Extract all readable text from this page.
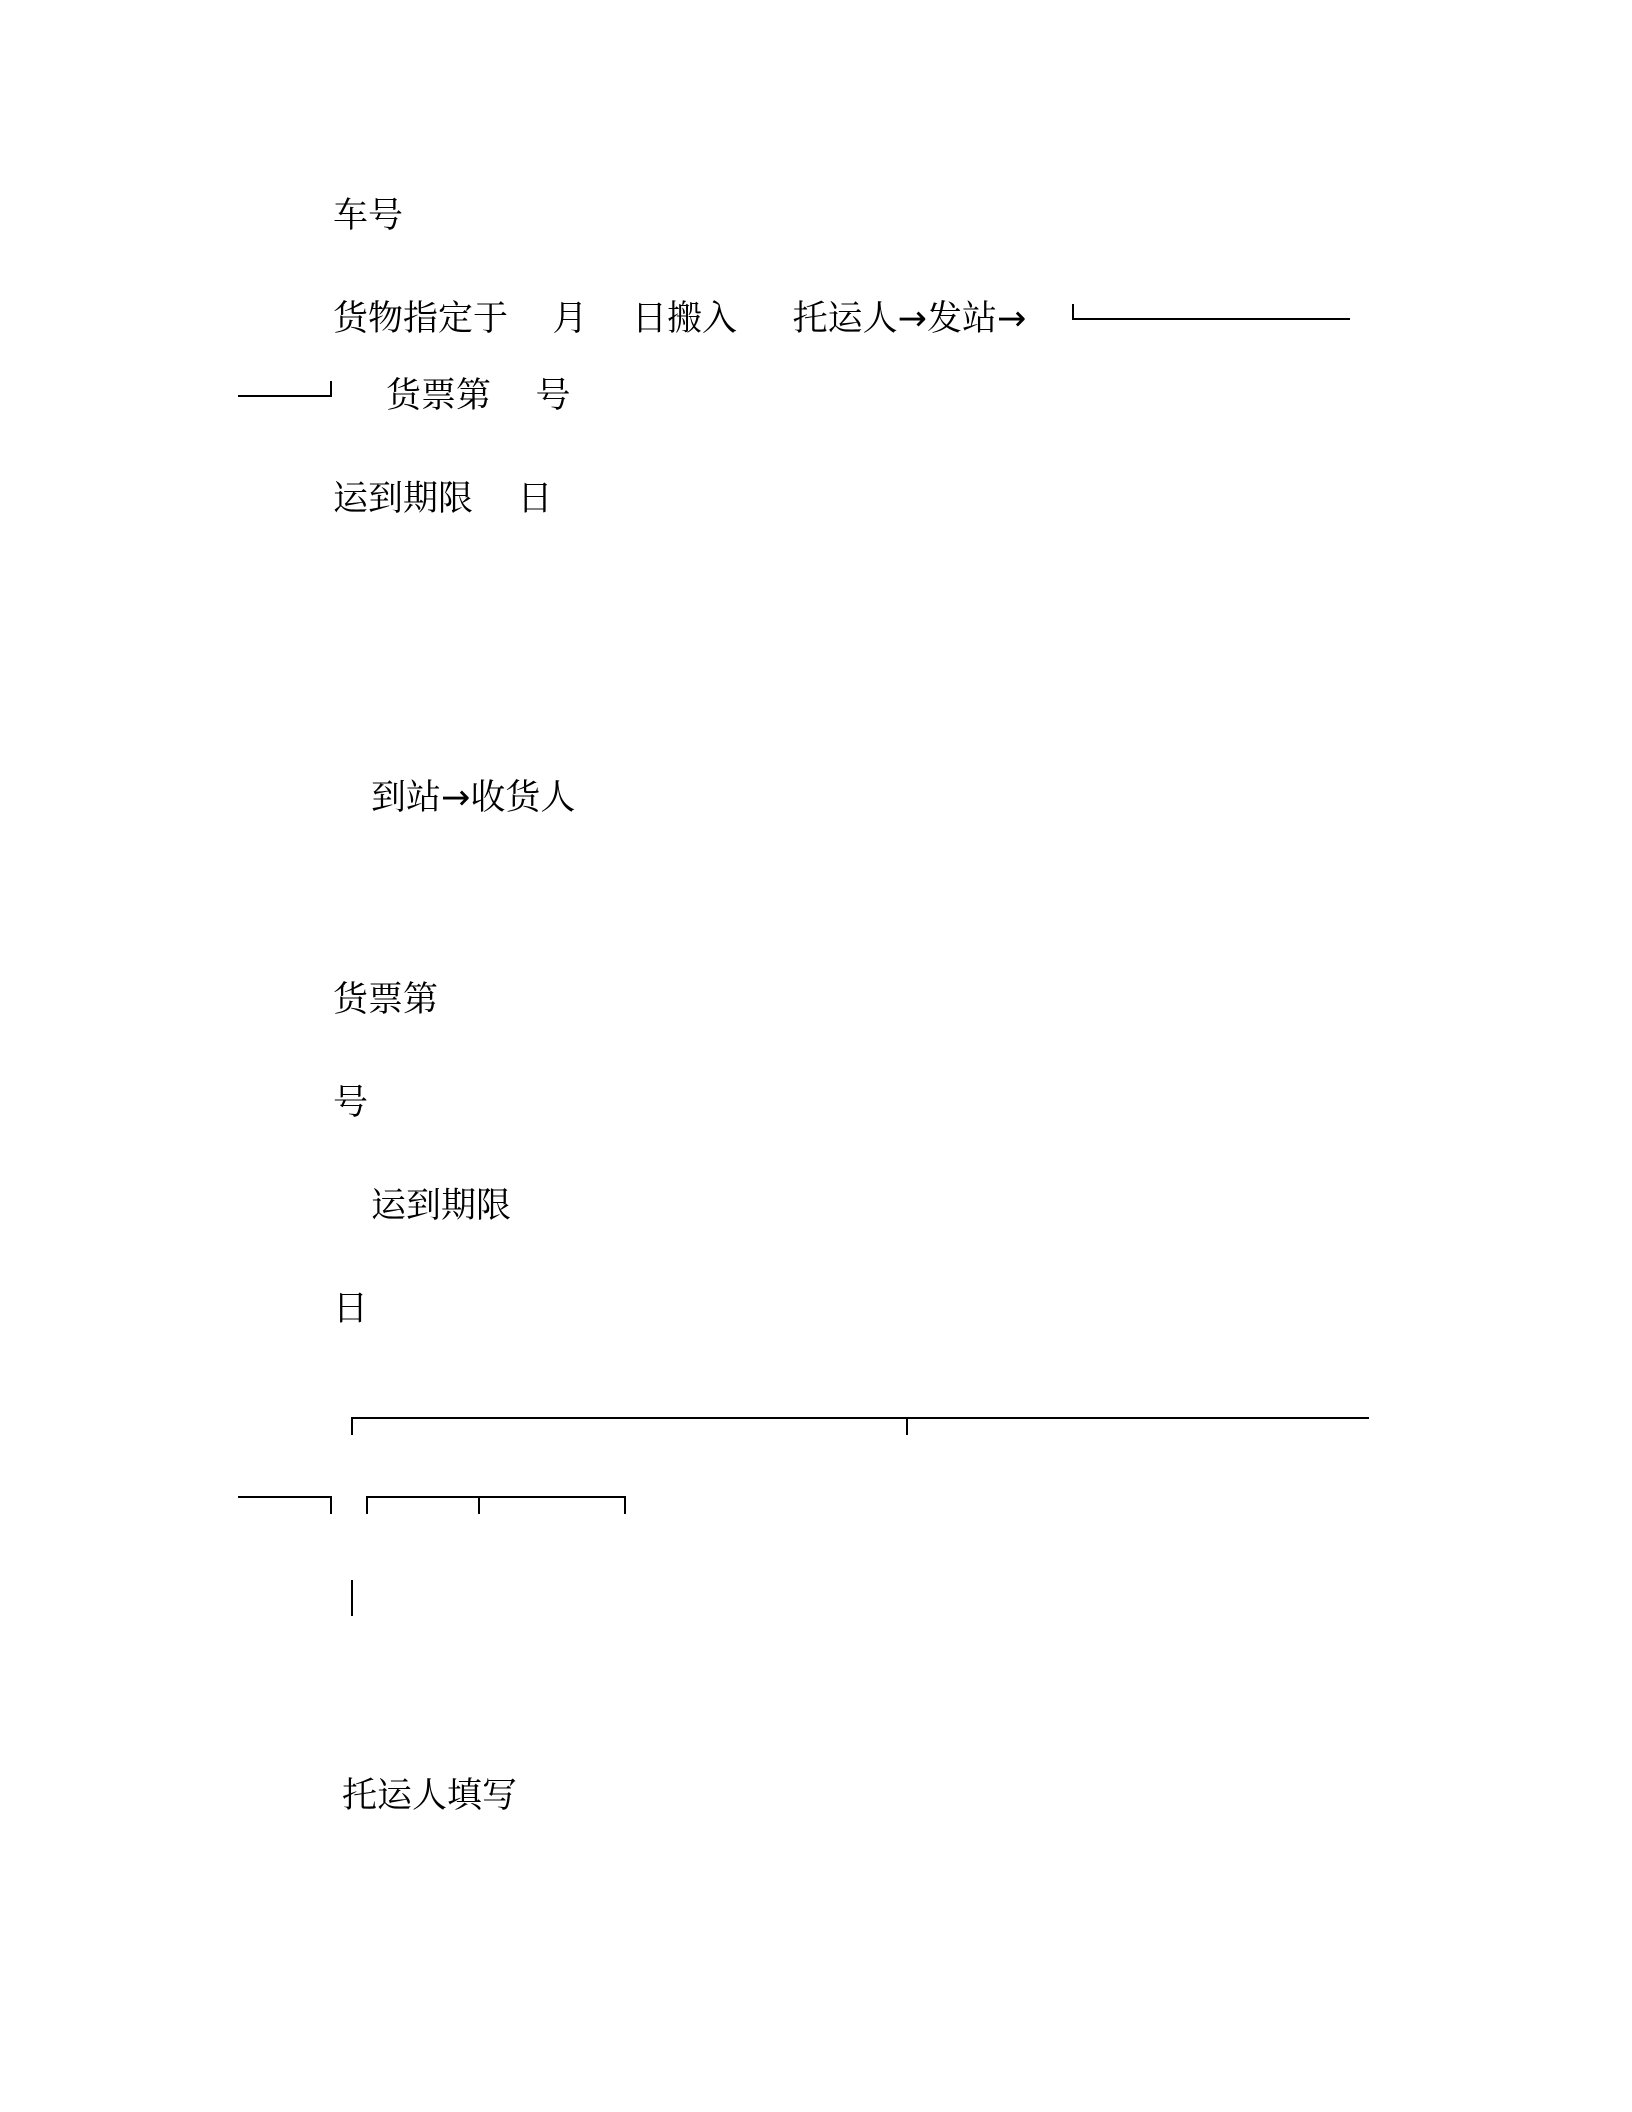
车号
货物指定于    月    日搬入     托运人→发站→
货票第    号
运到期限    日
到站→收货人
货票第
号
运到期限
日
托运人填写
